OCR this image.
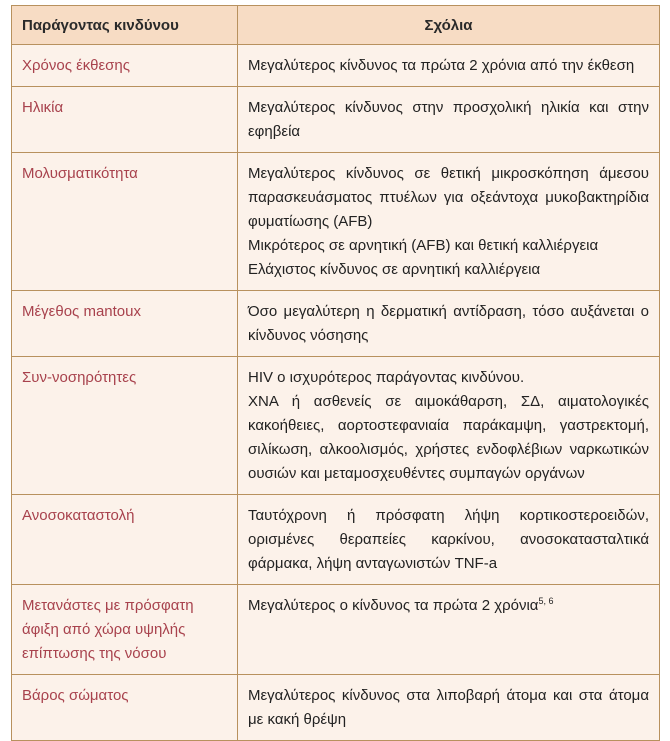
Παράγοντας κινδύνου	Σχόλια
Χρόνος έκθεσης	Μεγαλύτερος κίνδυνος τα πρώτα 2 χρόνια από την έκθεση

Ηλικία	Μεγαλύτερος κίνδυνος στην προσχολική ηλικία και στην εφηβεία

Μολυσματικότητα	Μεγαλύτερος κίνδυνος σε θετική μικροσκόπηση άμεσου παρασκευάσματος πτυέλων για οξεάντοχα μυκοβακτηρίδια φυματίωσης (AFB)
Μικρότερος σε αρνητική (AFB) και θετική καλλιέργεια
Ελάχιστος κίνδυνος σε αρνητική καλλιέργεια

Μέγεθος mantoux	Όσο μεγαλύτερη η δερματική αντίδραση, τόσο αυξάνεται ο κίνδυνος νόσησης

Συν-νοσηρότητες	HIV ο ισχυρότερος παράγοντας κινδύνου.
ΧΝΑ ή ασθενείς σε αιμοκάθαρση, ΣΔ, αιματολογικές κακοήθειες, αορτοστεφανιαία παράκαμψη, γαστρεκτομή, σιλίκωση, αλκοολισμός, χρήστες ενδοφλέβιων ναρκωτικών ουσιών και μεταμοσχευθέντες συμπαγών οργάνων

Ανοσοκαταστολή	Ταυτόχρονη ή πρόσφατη λήψη κορτικοστεροειδών, ορισμένες θεραπείες καρκίνου, ανοσοκατασταλτικά φάρμακα, λήψη ανταγωνιστών TNF-a

Μετανάστες με πρόσφατη άφιξη από χώρα υψηλής επίπτωσης της νόσου	Μεγαλύτερος ο κίνδυνος τα πρώτα 2 χρόνια$^{5, 6}$

Βάρος σώματος	Μεγαλύτερος κίνδυνος στα λιποβαρή άτομα και στα άτομα με κακή θρέψη
